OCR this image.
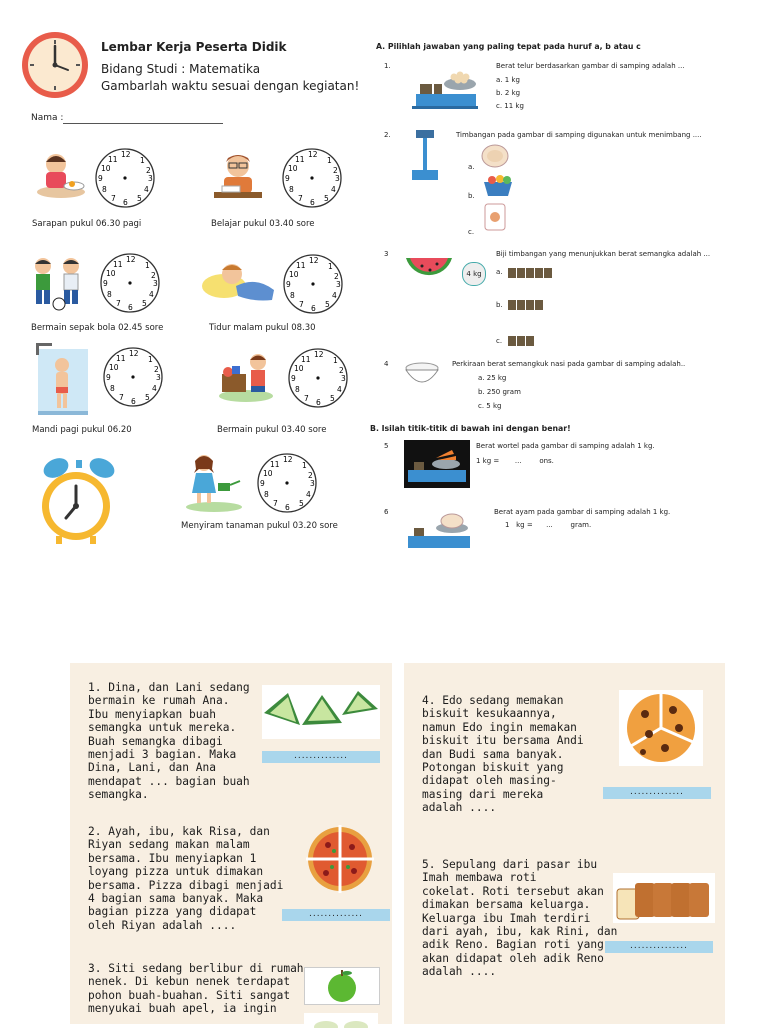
Lembar Kerja Peserta Didik
Bidang Studi : Matematika
Gambarlah waktu sesuai dengan kegiatan!
Nama :
12
1
2
3
4
5
6
7
8
9
10
11
Sarapan pukul 06.30 pagi
12
1
2
3
4
5
6
7
8
9
10
11
Belajar pukul 03.40 sore
12
1
2
3
4
5
6
7
8
9
10
11
Bermain sepak bola 02.45 sore
12
1
2
3
4
5
6
7
8
9
10
11
Tidur malam pukul 08.30
12
1
2
3
4
5
6
7
8
9
10
11
Mandi pagi pukul 06.20
12
1
2
3
4
5
6
7
8
9
10
11
Bermain pukul 03.40 sore
12
1
2
3
4
5
6
7
8
9
10
11
Menyiram tanaman pukul 03.20 sore
A. Pilihlah jawaban yang paling tepat pada huruf a, b atau c
1.	Berat telur berdasarkan gambar di samping adalah ...
a. 1 kg
b. 2 kg
c. 11 kg
2.	Timbangan pada gambar di samping digunakan untuk menimbang ....
a.
b.
c.
3	Biji timbangan yang menunjukkan berat semangka adalah ...
4 kg	a.
b.
c.
4	Perkiraan berat semangkuk nasi pada gambar di samping adalah..
a. 25 kg
b. 250 gram
c. 5 kg
B. Isilah titik-titik di bawah ini dengan benar!
5	Berat wortel pada gambar di samping adalah 1 kg.
1 kg =       ...        ons.
6	Berat ayam pada gambar di samping adalah 1 kg.
1   kg =      ...        gram.
1. Dina, dan Lani sedang
bermain ke rumah Ana.
Ibu menyiapkan buah
semangka untuk mereka.
Buah semangka dibagi
menjadi 3 bagian. Maka
Dina, Lani, dan Ana
mendapat ... bagian buah
semangka.
..............
2. Ayah, ibu, kak Risa, dan
Riyan sedang makan malam
bersama. Ibu menyiapkan 1
loyang pizza untuk dimakan
bersama. Pizza dibagi menjadi
4 bagian sama banyak. Maka
bagian pizza yang didapat
oleh Riyan adalah ....
..............
3. Siti sedang berlibur di rumah
nenek. Di kebun nenek terdapat
pohon buah-buahan. Siti sangat
menyukai buah apel, ia ingin
4. Edo sedang memakan
biskuit kesukaannya,
namun Edo ingin memakan
biskuit itu bersama Andi
dan Budi sama banyak.
Potongan biskuit yang
didapat oleh masing-
masing dari mereka
adalah ....
..............
5. Sepulang dari pasar ibu
Imah membawa roti
cokelat. Roti tersebut akan
dimakan bersama keluarga.
Keluarga ibu Imah terdiri
dari ayah, ibu, kak Rini, dan
adik Reno. Bagian roti yang
akan didapat oleh adik Reno
adalah ....
...............
